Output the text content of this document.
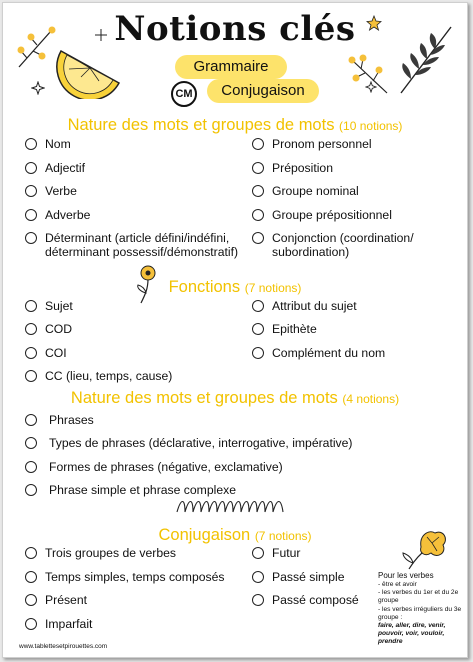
Notions clés
Grammaire
CM	Conjugaison
Nature des mots et groupes de mots (10 notions)
Nom
Adjectif
Verbe
Adverbe
Déterminant (article défini/indéfini,
déterminant possessif/démonstratif)
Pronom personnel
Préposition
Groupe nominal
Groupe prépositionnel
Conjonction (coordination/
subordination)
Fonctions (7 notions)
Sujet
COD
COI
CC (lieu, temps, cause)
Attribut du sujet
Epithète
Complément du nom
Nature des mots et groupes de mots (4 notions)
Phrases
Types de phrases (déclarative, interrogative, impérative)
Formes de phrases (négative, exclamative)
Phrase simple et phrase complexe
Conjugaison (7 notions)
Trois groupes de verbes
Temps simples, temps composés
Présent
Imparfait
Futur
Passé simple
Passé composé
Pour les verbes
- être et avoir
- les verbes du 1er et du 2e groupe
- les verbes irréguliers du 3e groupe :
faire, aller, dire, venir, pouvoir, voir, vouloir, prendre
www.tablettesetpirouettes.com
